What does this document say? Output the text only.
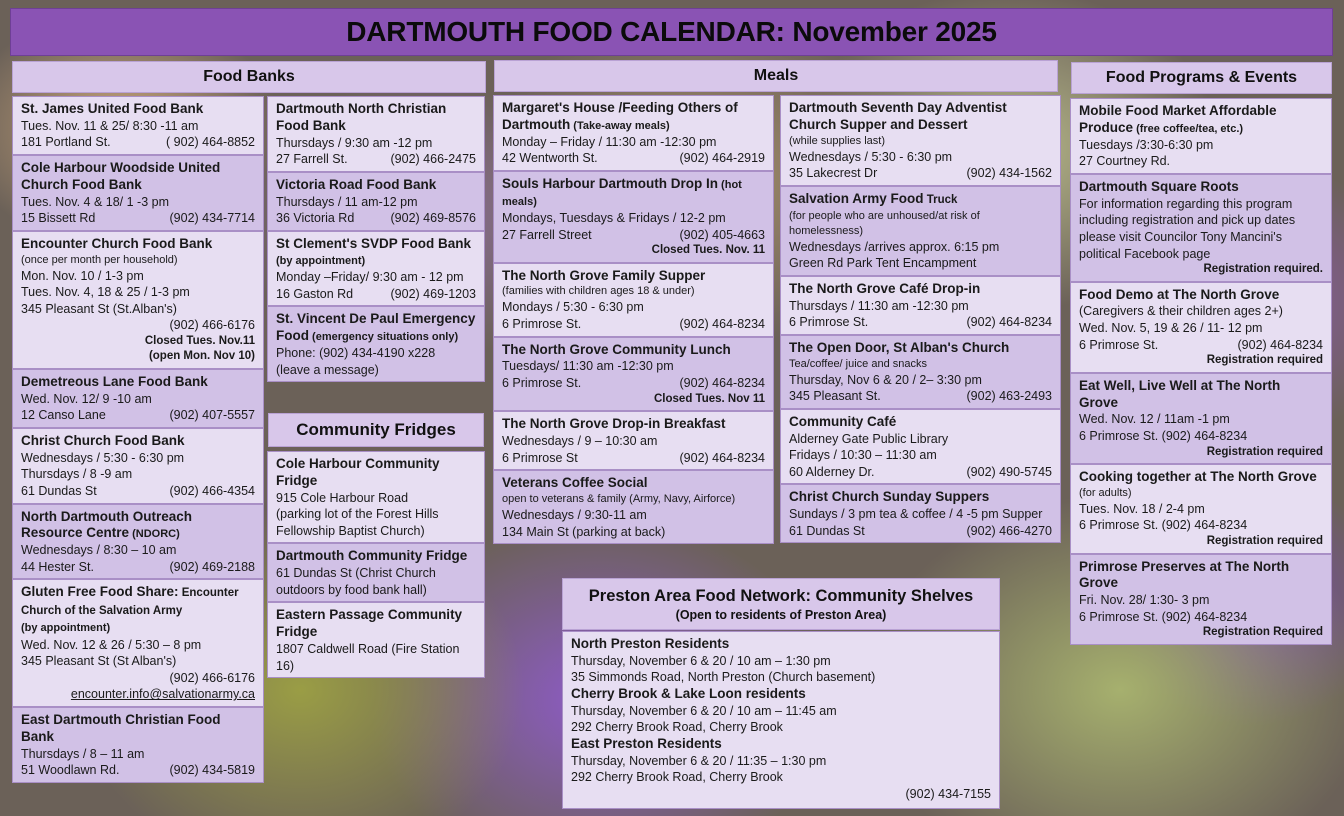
DARTMOUTH FOOD CALENDAR: November 2025
Food Banks	Meals	Food Programs & Events
St. James United Food Bank
Tues. Nov. 11 & 25/ 8:30 -11 am
181 Portland St.	( 902) 464-8852
Cole Harbour Woodside United Church Food Bank
Tues. Nov. 4 & 18/ 1 -3 pm
15 Bissett Rd	(902) 434-7714
Encounter Church Food Bank
(once per month per household)
Mon. Nov. 10 / 1-3 pm
Tues. Nov. 4, 18 & 25 / 1-3 pm
345 Pleasant St (St.Alban's)
(902) 466-6176
Closed Tues. Nov.11
(open Mon. Nov 10)
Demetreous Lane Food Bank
Wed. Nov. 12/ 9 -10 am
12 Canso Lane	(902) 407-5557
Christ Church Food Bank
Wednesdays / 5:30 - 6:30 pm
Thursdays / 8 -9 am
61 Dundas St	(902) 466-4354
North Dartmouth Outreach Resource Centre (NDORC)
Wednesdays / 8:30 – 10 am
44 Hester St.	(902) 469-2188
Gluten Free Food Share: Encounter Church of the Salvation Army
(by appointment)
Wed. Nov. 12 & 26 / 5:30 – 8 pm
345 Pleasant St (St Alban's)
(902) 466-6176
encounter.info@salvationarmy.ca
East Dartmouth Christian Food Bank
Thursdays / 8 – 11 am
51 Woodlawn Rd.	(902) 434-5819
Dartmouth North Christian Food Bank
Thursdays / 9:30 am -12 pm
27 Farrell St.	(902) 466-2475
Victoria Road Food Bank
Thursdays / 11 am-12 pm
36 Victoria Rd	(902) 469-8576
St Clement's SVDP Food Bank
(by appointment)
Monday –Friday/ 9:30 am - 12 pm
16 Gaston Rd	(902) 469-1203
St. Vincent De Paul Emergency Food (emergency situations only)
Phone: (902) 434-4190 x228
(leave a message)
Community Fridges
Cole Harbour Community Fridge
915 Cole Harbour Road
(parking lot of the Forest Hills Fellowship Baptist Church)
Dartmouth Community Fridge
61 Dundas St (Christ Church outdoors by food bank hall)
Eastern Passage Community Fridge
1807 Caldwell Road (Fire Station 16)
Margaret's House /Feeding Others of Dartmouth (Take-away meals)
Monday – Friday / 11:30 am -12:30 pm
42 Wentworth St.	(902) 464-2919
Souls Harbour Dartmouth Drop In (hot meals)
Mondays, Tuesdays & Fridays / 12-2 pm
27 Farrell Street	(902) 405-4663
Closed Tues. Nov. 11
The North Grove Family Supper
(families with children ages 18 & under)
Mondays / 5:30 - 6:30 pm
6 Primrose St.	(902) 464-8234
The North Grove Community Lunch
Tuesdays/ 11:30 am -12:30 pm
6 Primrose St.	(902) 464-8234
Closed Tues. Nov 11
The North Grove Drop-in Breakfast
Wednesdays / 9 – 10:30 am
6 Primrose St	(902) 464-8234
Veterans Coffee Social
open to veterans & family (Army, Navy, Airforce)
Wednesdays / 9:30-11 am
134 Main St (parking at back)
Dartmouth Seventh Day Adventist Church Supper and Dessert
(while supplies last)
Wednesdays / 5:30 - 6:30 pm
35 Lakecrest Dr	(902) 434-1562
Salvation Army Food Truck
(for people who are unhoused/at risk of homelessness)
Wednesdays /arrives approx. 6:15 pm
Green Rd Park Tent Encampment
The North Grove Café Drop-in
Thursdays / 11:30 am -12:30 pm
6 Primrose St.	(902) 464-8234
The Open Door, St Alban's Church
Tea/coffee/ juice and snacks
Thursday, Nov 6 & 20 / 2– 3:30 pm
345 Pleasant St.	(902) 463-2493
Community Café
Alderney Gate Public Library
Fridays / 10:30 – 11:30 am
60 Alderney Dr.	(902) 490-5745
Christ Church Sunday Suppers
Sundays / 3 pm tea & coffee / 4 -5 pm Supper
61 Dundas St	(902) 466-4270
Preston Area Food Network: Community Shelves
(Open to residents of Preston Area)
North Preston Residents
Thursday, November 6 & 20 / 10 am – 1:30 pm
35 Simmonds Road, North Preston (Church basement)
Cherry Brook & Lake Loon residents
Thursday, November 6 & 20 / 10 am – 11:45 am
292 Cherry Brook Road, Cherry Brook
East Preston Residents
Thursday, November 6 & 20 / 11:35 – 1:30 pm
292 Cherry Brook Road, Cherry Brook
(902) 434-7155
Mobile Food Market Affordable Produce (free coffee/tea, etc.)
Tuesdays /3:30-6:30 pm
27 Courtney Rd.
Dartmouth Square Roots
For information regarding this program including registration and pick up dates please visit Councilor Tony Mancini's political Facebook page
Registration required.
Food Demo at The North Grove
(Caregivers & their children ages 2+)
Wed. Nov. 5, 19 & 26 / 11- 12 pm
6 Primrose St.	(902) 464-8234
Registration required
Eat Well, Live Well at The North Grove
Wed. Nov. 12 / 11am -1 pm
6 Primrose St. (902) 464-8234
Registration required
Cooking together at The North Grove
(for adults)
Tues. Nov. 18 / 2-4 pm
6 Primrose St. (902) 464-8234
Registration required
Primrose Preserves at The North Grove
Fri. Nov. 28/ 1:30- 3 pm
6 Primrose St. (902) 464-8234
Registration Required
